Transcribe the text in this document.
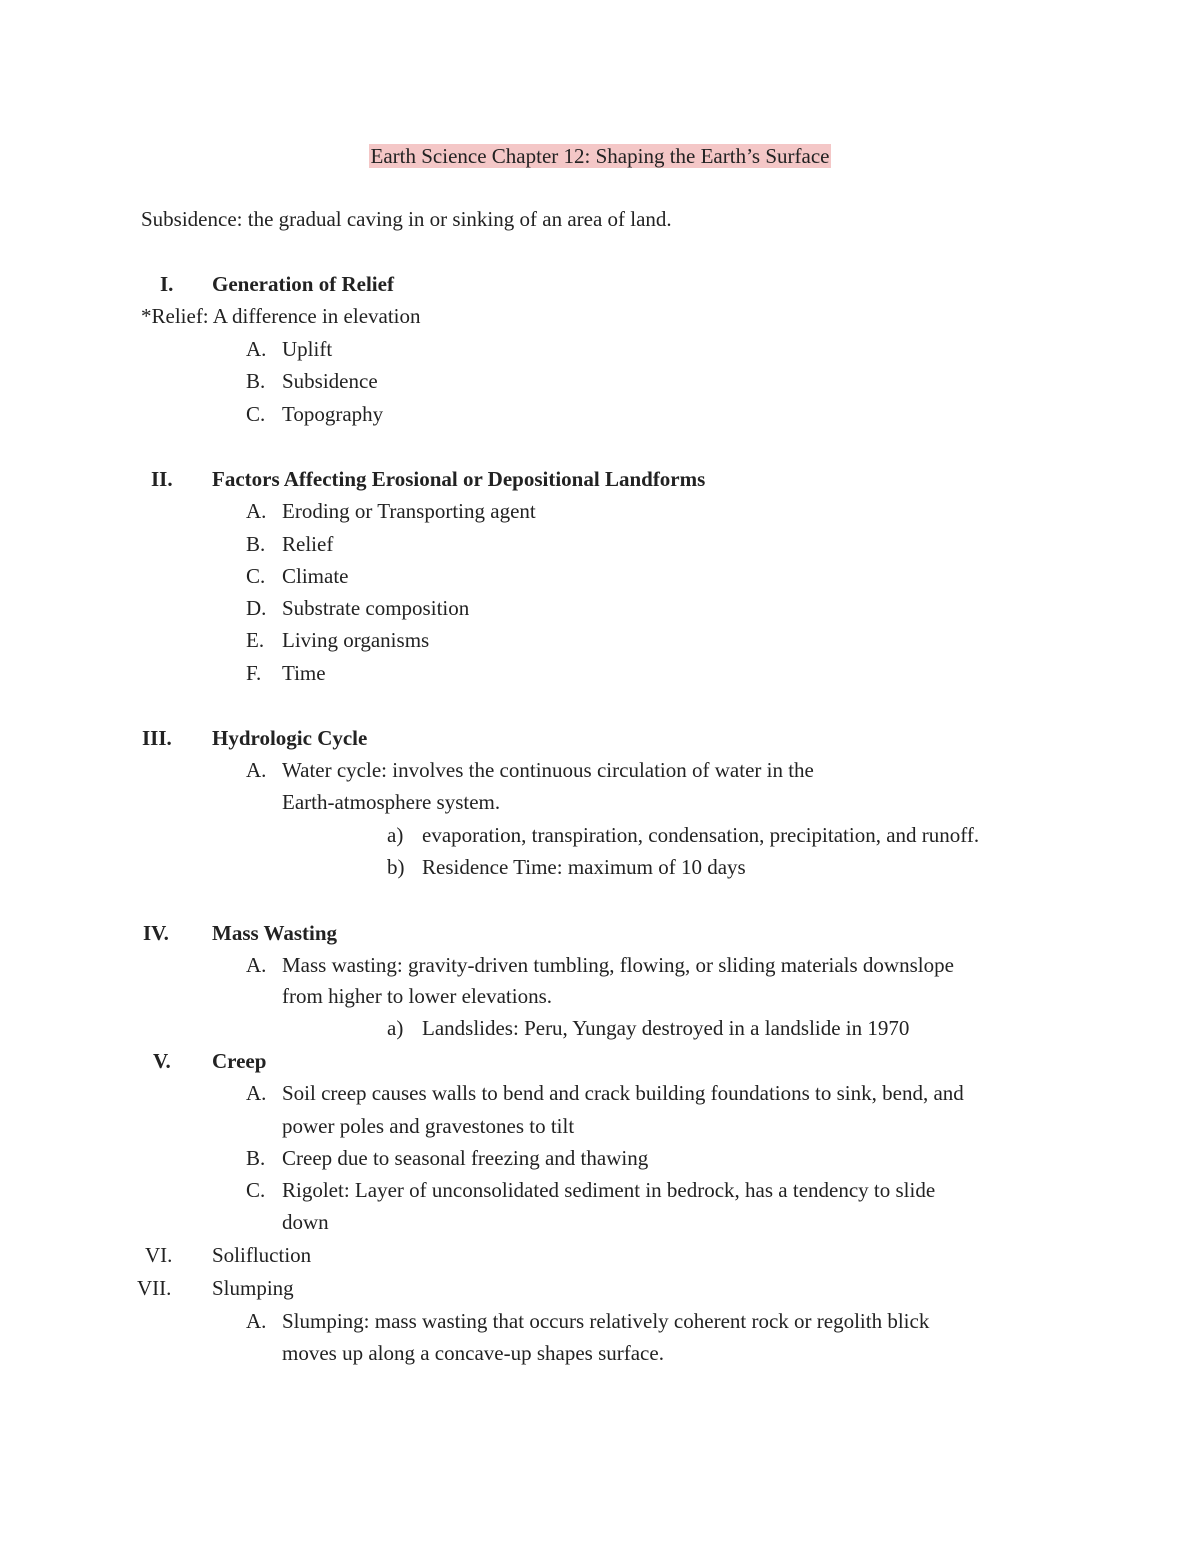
Earth Science Chapter 12: Shaping the Earth’s Surface
Subsidence: the gradual caving in or sinking of an area of land.
I. Generation of Relief
*Relief: A difference in elevation
A. Uplift
B. Subsidence
C. Topography
II. Factors Affecting Erosional or Depositional Landforms
A. Eroding or Transporting agent
B. Relief
C. Climate
D. Substrate composition
E. Living organisms
F. Time
III. Hydrologic Cycle
A. Water cycle: involves the continuous circulation of water in the
Earth-atmosphere system.
a) evaporation, transpiration, condensation, precipitation, and runoff.
b) Residence Time: maximum of 10 days
IV. Mass Wasting
A. Mass wasting: gravity-driven tumbling, flowing, or sliding materials downslope
from higher to lower elevations.
a) Landslides: Peru, Yungay destroyed in a landslide in 1970
V. Creep
A. Soil creep causes walls to bend and crack building foundations to sink, bend, and
power poles and gravestones to tilt
B. Creep due to seasonal freezing and thawing
C. Rigolet: Layer of unconsolidated sediment in bedrock, has a tendency to slide
down
VI. Solifluction
VII. Slumping
A. Slumping: mass wasting that occurs relatively coherent rock or regolith blick
moves up along a concave-up shapes surface.
